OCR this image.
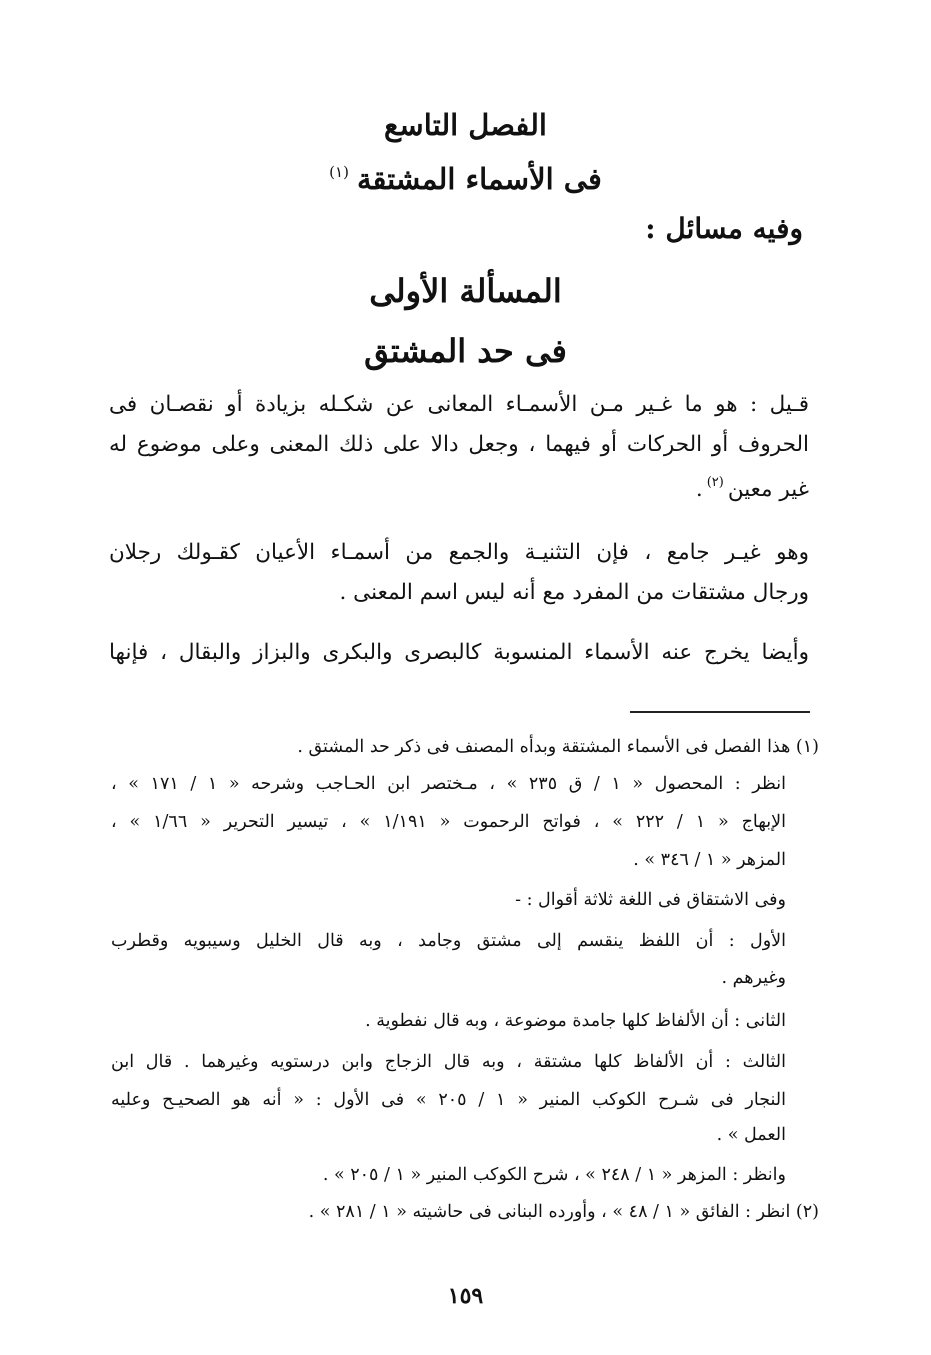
الفصل التاسع
فى الأسماء المشتقة$^{(١)}$
وفيه مسائل :
المسألة الأولى
فى حد المشتق
قـيل : هو ما غـير مـن الأسمـاء المعانى عن شكـله بزيادة أو نقصـان فى
الحروف أو الحركات أو فيهما ، وجعل دالا على ذلك المعنى وعلى موضوع له
غير معين$^{(٢)}$.
وهو غيـر جامع ، فإن التثنيـة والجمع من أسمـاء الأعيان كقـولك رجلان
ورجال مشتقات من المفرد مع أنه ليس اسم المعنى .
وأيضا يخرج عنه الأسماء المنسوبة كالبصرى والبكرى والبزاز والبقال ، فإنها
(١) هذا الفصل فى الأسماء المشتقة وبدأه المصنف فى ذكر حد المشتق .
انظر : المحصول « ١ / ق ٢٣٥ » ، مـختصر ابن الحـاجب وشرحه « ١ / ١٧١ » ،
الإبهاج « ١ / ٢٢٢ » ، فواتح الرحموت « ١/١٩١ » ، تيسير التحرير « ١/٦٦ » ،
المزهر « ١ / ٣٤٦ » .
وفى الاشتقاق فى اللغة ثلاثة أقوال : -
الأول : أن اللفظ ينقسم إلى مشتق وجامد ، وبه قال الخليل وسيبويه وقطرب
وغيرهم .
الثانى : أن الألفاظ كلها جامدة موضوعة ، وبه قال نفطوية .
الثالث : أن الألفاظ كلها مشتقة ، وبه قال الزجاج وابن درستويه وغيرهما . قال ابن
النجار فى شـرح الكوكب المنير « ١ / ٢٠٥ » فى الأول : « أنه هو الصحيـح وعليه
العمل » .
وانظر : المزهر « ١ / ٢٤٨ » ، شرح الكوكب المنير « ١ / ٢٠٥ » .
(٢) انظر : الفائق « ١ / ٤٨ » ، وأورده البنانى فى حاشيته « ١ / ٢٨١ » .
١٥٩
